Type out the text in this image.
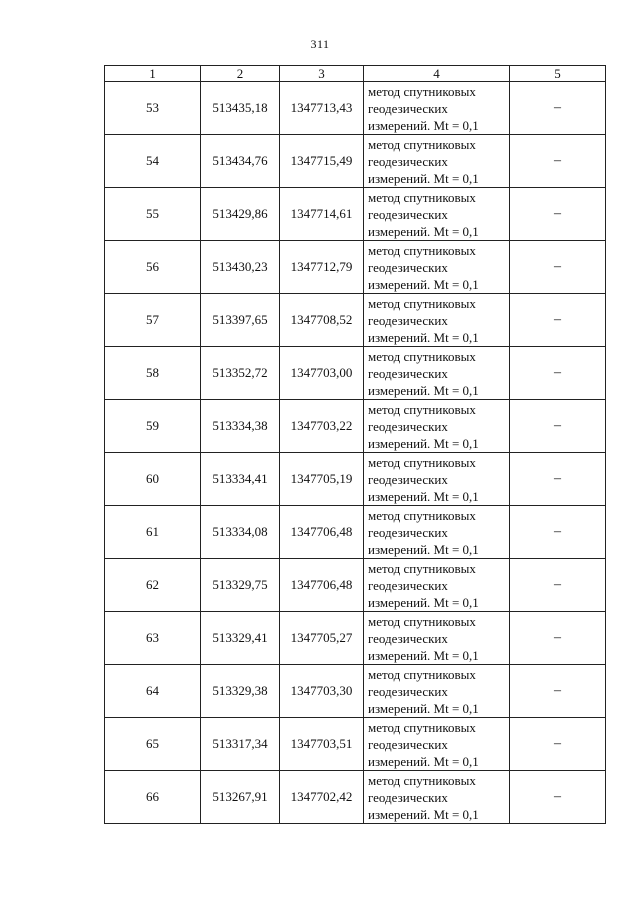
311
1	2	3	4	5
53	513435,18	1347713,43	метод спутниковых
геодезических
измерений. Mt = 0,1	–
54	513434,76	1347715,49	метод спутниковых
геодезических
измерений. Mt = 0,1	–
55	513429,86	1347714,61	метод спутниковых
геодезических
измерений. Mt = 0,1	–
56	513430,23	1347712,79	метод спутниковых
геодезических
измерений. Mt = 0,1	–
57	513397,65	1347708,52	метод спутниковых
геодезических
измерений. Mt = 0,1	–
58	513352,72	1347703,00	метод спутниковых
геодезических
измерений. Mt = 0,1	–
59	513334,38	1347703,22	метод спутниковых
геодезических
измерений. Mt = 0,1	–
60	513334,41	1347705,19	метод спутниковых
геодезических
измерений. Mt = 0,1	–
61	513334,08	1347706,48	метод спутниковых
геодезических
измерений. Mt = 0,1	–
62	513329,75	1347706,48	метод спутниковых
геодезических
измерений. Mt = 0,1	–
63	513329,41	1347705,27	метод спутниковых
геодезических
измерений. Mt = 0,1	–
64	513329,38	1347703,30	метод спутниковых
геодезических
измерений. Mt = 0,1	–
65	513317,34	1347703,51	метод спутниковых
геодезических
измерений. Mt = 0,1	–
66	513267,91	1347702,42	метод спутниковых
геодезических
измерений. Mt = 0,1	–
